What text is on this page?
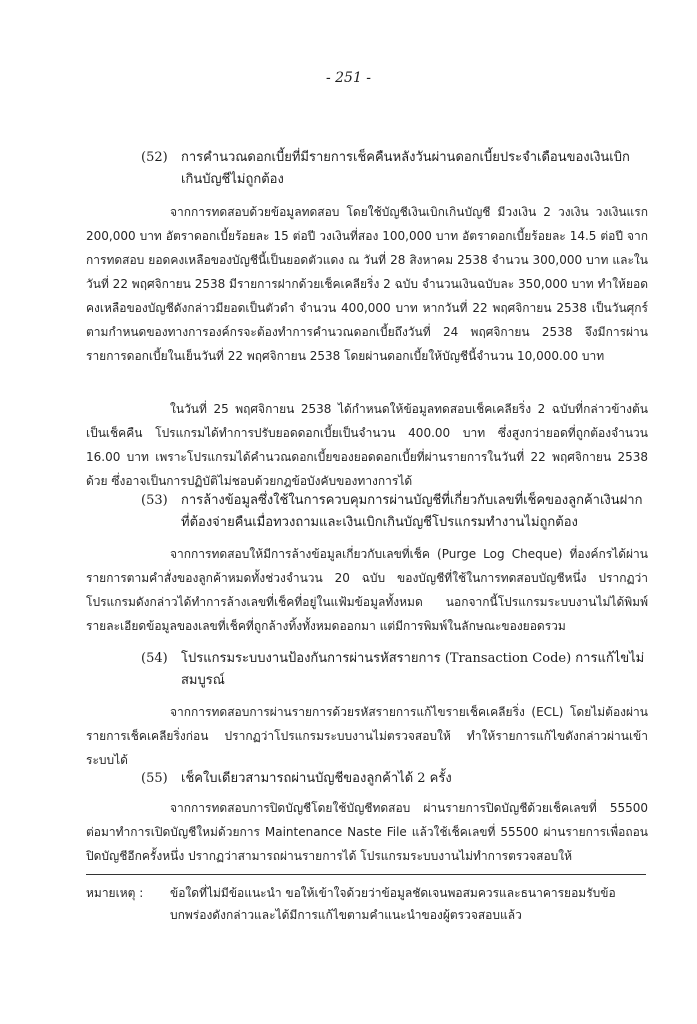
- 251 -
(52) การคำนวณดอกเบี้ยที่มีรายการเช็คคืนหลังวันผ่านดอกเบี้ยประจำเดือนของเงินเบิกเกินบัญชีไม่ถูกต้อง
จากการทดสอบด้วยข้อมูลทดสอบ โดยใช้บัญชีเงินเบิกเกินบัญชี มีวงเงิน 2 วงเงิน วงเงินแรก 200,000 บาท อัตราดอกเบี้ยร้อยละ 15 ต่อปี วงเงินที่สอง 100,000 บาท อัตราดอกเบี้ยร้อยละ 14.5 ต่อปี จากการทดสอบ ยอดคงเหลือของบัญชีนี้เป็นยอดตัวแดง ณ วันที่ 28 สิงหาคม 2538 จำนวน 300,000 บาท และในวันที่ 22 พฤศจิกายน 2538 มีรายการฝากด้วยเช็คเคลียริ่ง 2 ฉบับ จำนวนเงินฉบับละ 350,000 บาท ทำให้ยอดคงเหลือของบัญชีดังกล่าวมียอดเป็นตัวดำ จำนวน 400,000 บาท หากวันที่ 22 พฤศจิกายน 2538 เป็นวันศุกร์ ตามกำหนดของทางการองค์กรจะต้องทำการคำนวณดอกเบี้ยถึงวันที่ 24 พฤศจิกายน 2538 จึงมีการผ่านรายการดอกเบี้ยในเย็นวันที่ 22 พฤศจิกายน 2538 โดยผ่านดอกเบี้ยให้บัญชีนี้จำนวน 10,000.00 บาท
ในวันที่ 25 พฤศจิกายน 2538 ได้กำหนดให้ข้อมูลทดสอบเช็คเคลียริ่ง 2 ฉบับที่กล่าวข้างต้นเป็นเช็คคืน โปรแกรมได้ทำการปรับยอดดอกเบี้ยเป็นจำนวน 400.00 บาท ซึ่งสูงกว่ายอดที่ถูกต้องจำนวน 16.00 บาท เพราะโปรแกรมได้คำนวณดอกเบี้ยของยอดดอกเบี้ยที่ผ่านรายการในวันที่ 22 พฤศจิกายน 2538 ด้วย ซึ่งอาจเป็นการปฏิบัติไม่ชอบด้วยกฎข้อบังคับของทางการได้
(53) การล้างข้อมูลซึ่งใช้ในการควบคุมการผ่านบัญชีที่เกี่ยวกับเลขที่เช็คของลูกค้าเงินฝาก ที่ต้องจ่ายคืนเมื่อทวงถามและเงินเบิกเกินบัญชีโปรแกรมทำงานไม่ถูกต้อง
จากการทดสอบให้มีการล้างข้อมูลเกี่ยวกับเลขที่เช็ค (Purge Log Cheque) ที่องค์กรได้ผ่านรายการตามคำสั่งของลูกค้าหมดทั้งช่วงจำนวน 20 ฉบับ ของบัญชีที่ใช้ในการทดสอบบัญชีหนึ่ง ปรากฏว่าโปรแกรมดังกล่าวได้ทำการล้างเลขที่เช็คที่อยู่ในแฟ้มข้อมูลทั้งหมด นอกจากนี้โปรแกรมระบบงานไม่ได้พิมพ์รายละเอียดข้อมูลของเลขที่เช็คที่ถูกล้างทิ้งทั้งหมดออกมา แต่มีการพิมพ์ในลักษณะของยอดรวม
(54) โปรแกรมระบบงานป้องกันการผ่านรหัสรายการ (Transaction Code) การแก้ไขไม่สมบูรณ์
จากการทดสอบการผ่านรายการด้วยรหัสรายการแก้ไขรายเช็คเคลียริ่ง (ECL) โดยไม่ต้องผ่านรายการเช็คเคลียริ่งก่อน ปรากฏว่าโปรแกรมระบบงานไม่ตรวจสอบให้ ทำให้รายการแก้ไขดังกล่าวผ่านเข้าระบบได้
(55) เช็คใบเดียวสามารถผ่านบัญชีของลูกค้าได้ 2 ครั้ง
จากการทดสอบการปิดบัญชีโดยใช้บัญชีทดสอบ ผ่านรายการปิดบัญชีด้วยเช็คเลขที่ 55500 ต่อมาทำการเปิดบัญชีใหม่ด้วยการ Maintenance Naste File แล้วใช้เช็คเลขที่ 55500 ผ่านรายการเพื่อถอนปิดบัญชีอีกครั้งหนึ่ง ปรากฏว่าสามารถผ่านรายการได้ โปรแกรมระบบงานไม่ทำการตรวจสอบให้
หมายเหตุ : ข้อใดที่ไม่มีข้อแนะนำ ขอให้เข้าใจด้วยว่าข้อมูลชัดเจนพอสมควรและธนาคารยอมรับข้อบกพร่องดังกล่าวและได้มีการแก้ไขตามคำแนะนำของผู้ตรวจสอบแล้ว
